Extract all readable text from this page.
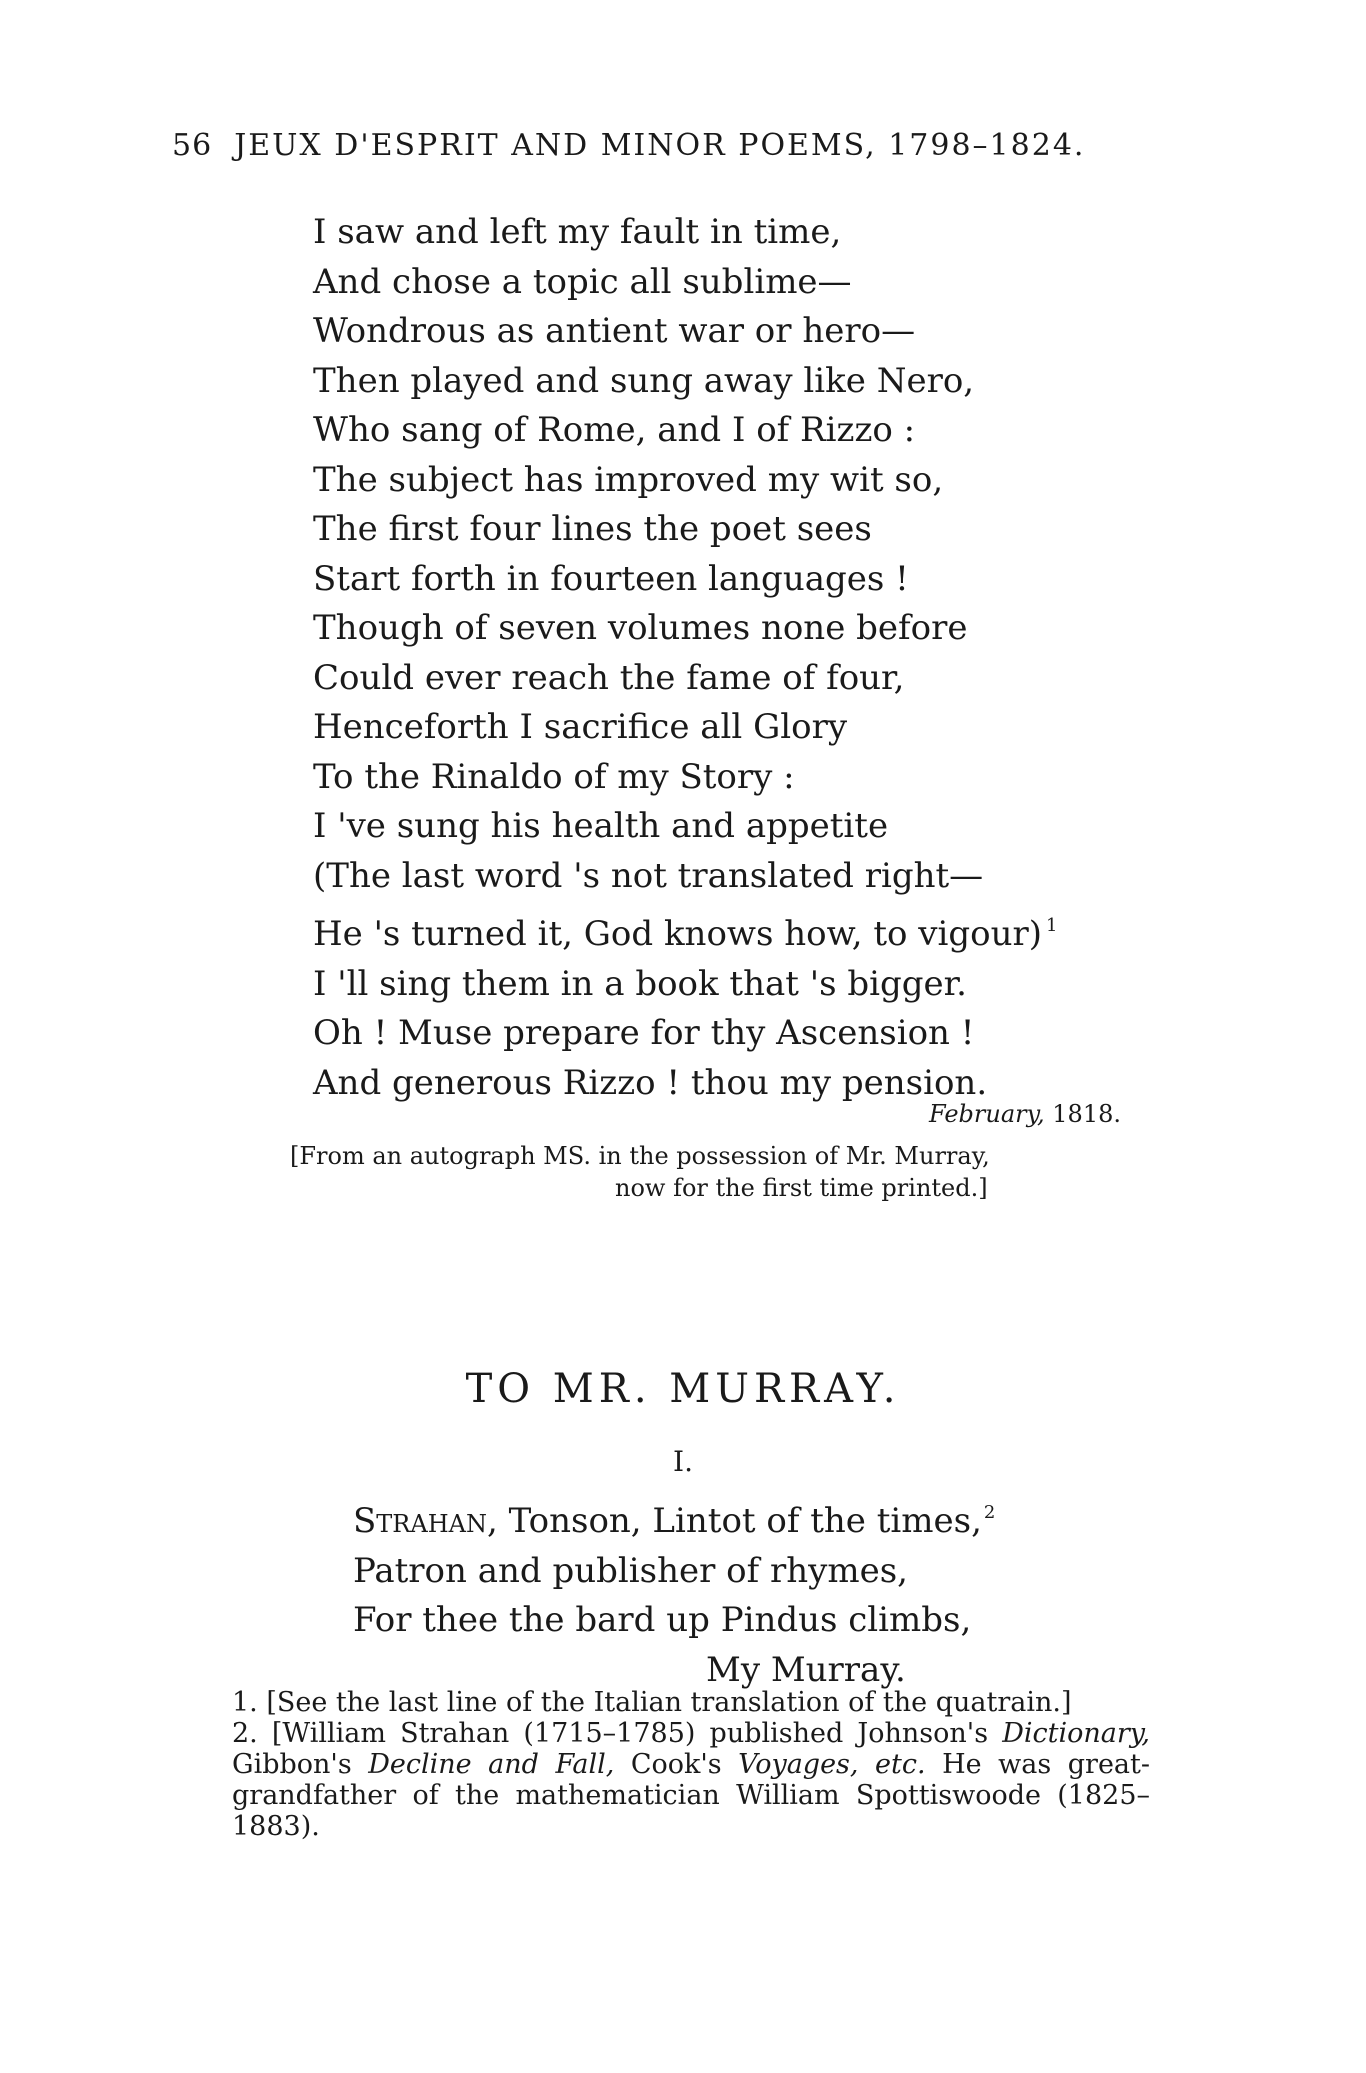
56 JEUX D'ESPRIT AND MINOR POEMS, 1798–1824.
I saw and left my fault in time,
And chose a topic all sublime—
Wondrous as antient war or hero—
Then played and sung away like Nero,
Who sang of Rome, and I of Rizzo :
The subject has improved my wit so,
The first four lines the poet sees
Start forth in fourteen languages !
Though of seven volumes none before
Could ever reach the fame of four,
Henceforth I sacrifice all Glory
To the Rinaldo of my Story :
I 've sung his health and appetite
(The last word 's not translated right—
He 's turned it, God knows how, to vigour) $^1$
I 'll sing them in a book that 's bigger.
Oh ! Muse prepare for thy Ascension !
And generous Rizzo ! thou my pension.
February, 1818.
[From an autograph MS. in the possession of Mr. Murray,
now for the first time printed.]
TO MR. MURRAY.
I.
Strahan, Tonson, Lintot of the times, $^2$
Patron and publisher of rhymes,
For thee the bard up Pindus climbs,
My Murray.
1. [See the last line of the Italian translation of the quatrain.]
2. [William Strahan (1715–1785) published Johnson's Dictionary, Gibbon's Decline and Fall, Cook's Voyages, etc. He was great-grandfather of the mathematician William Spottiswoode (1825–1883).
